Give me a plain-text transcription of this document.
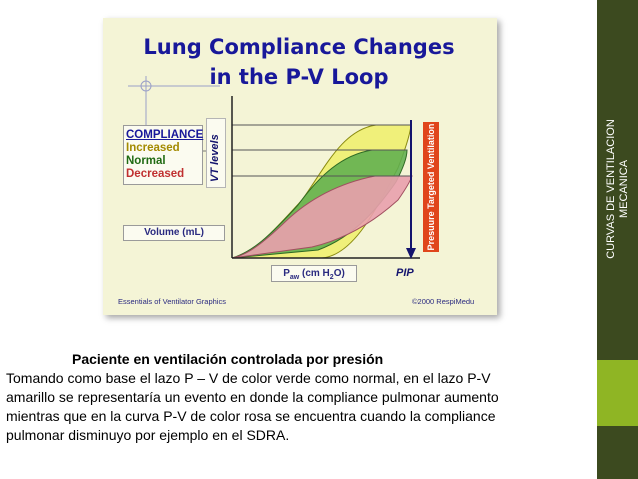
CURVAS DE VENTILACION MECANICA
Lung Compliance Changes
in the P-V Loop
COMPLIANCE
Increased
Normal
Decreased VT levels	Presuure Targeted Ventilation
Volume (mL)
$P_{aw}$ (cm $H_2O$)	PIP
Essentials of Ventilator Graphics	©2000 RespiMedu
Paciente en ventilación controlada por presión
Tomando como base el lazo P – V de color verde como normal, en el lazo P-V amarillo se representaría un evento en donde la compliance pulmonar aumento mientras que en la curva P-V de color rosa se encuentra cuando la compliance pulmonar disminuyo por ejemplo en el SDRA.
